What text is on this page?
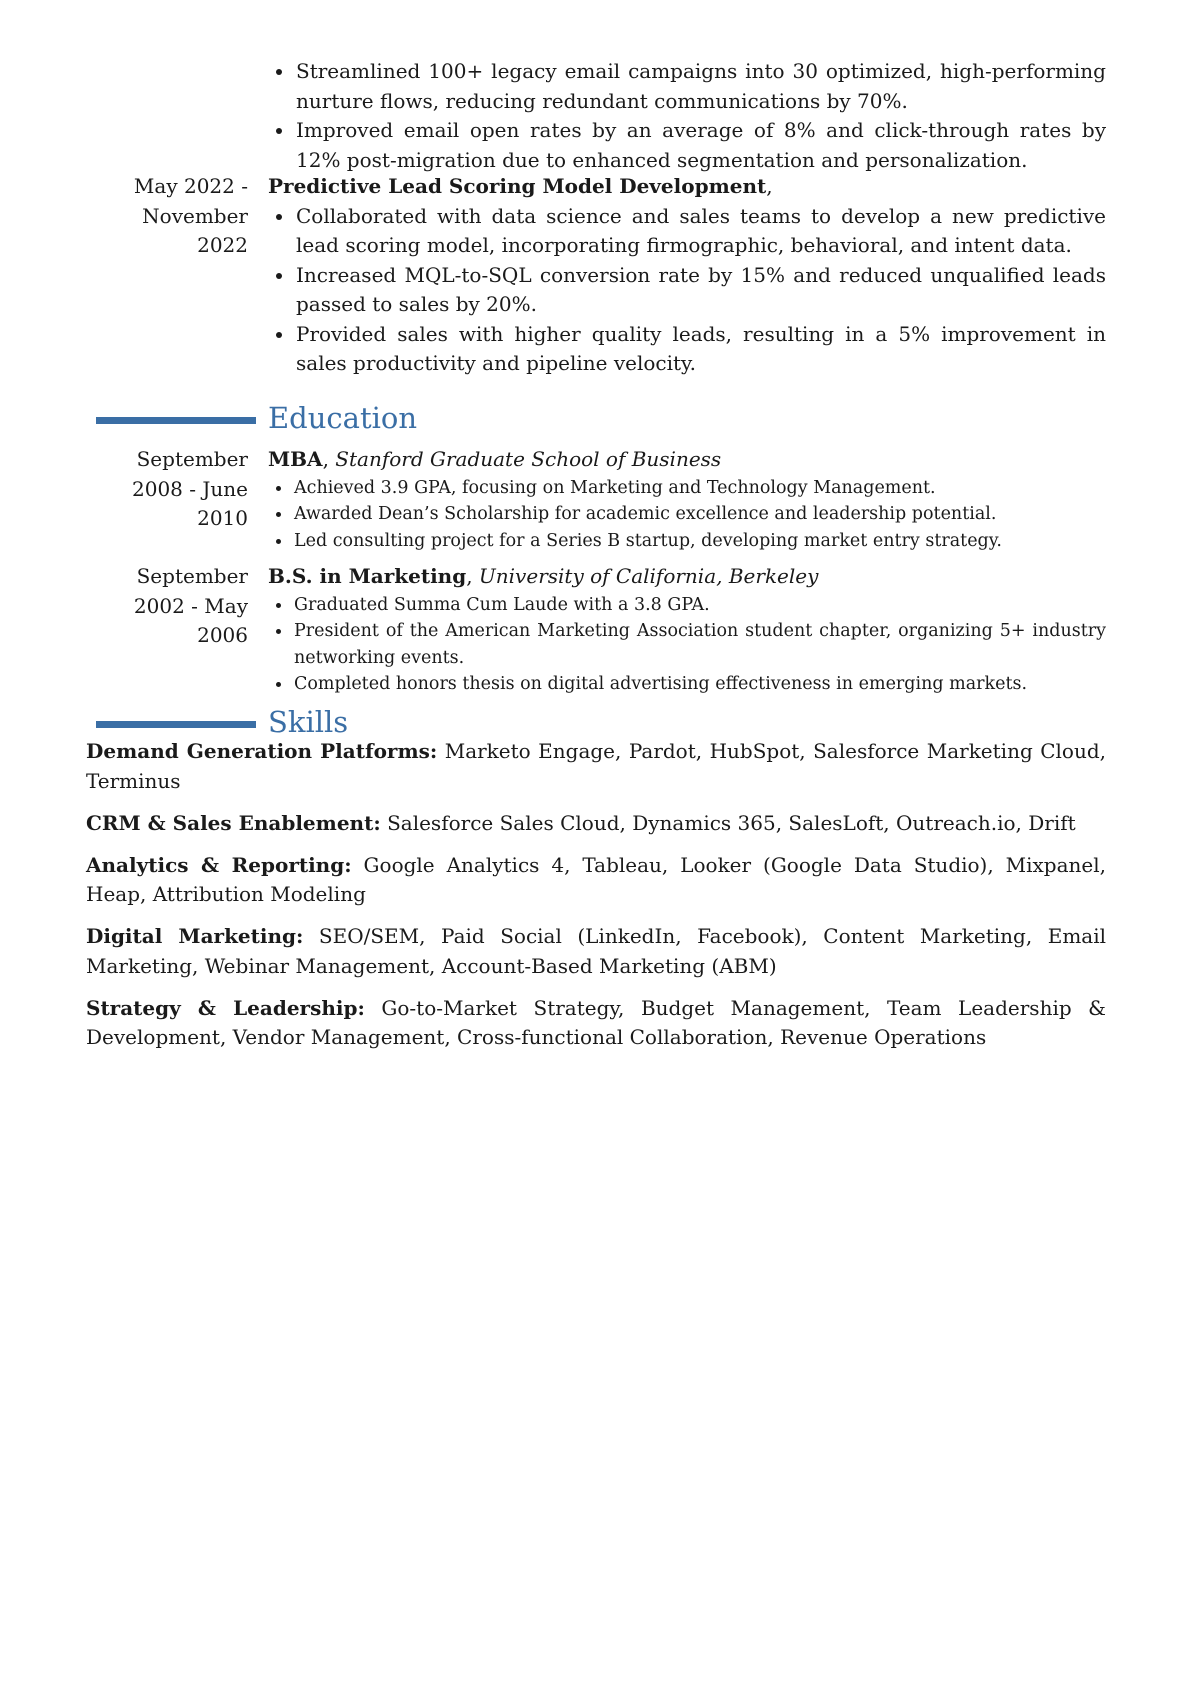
Streamlined 100+ legacy email campaigns into 30 optimized, high-performing nurture flows, reducing redundant communications by 70%.
Improved email open rates by an average of 8% and click-through rates by 12% post-migration due to enhanced segmentation and personalization.
May 2022 - November 2022
Predictive Lead Scoring Model Development,
Collaborated with data science and sales teams to develop a new predictive lead scoring model, incorporating firmographic, behavioral, and intent data.
Increased MQL-to-SQL conversion rate by 15% and reduced unqualified leads passed to sales by 20%.
Provided sales with higher quality leads, resulting in a 5% improvement in sales productivity and pipeline velocity.
Education
September 2008 - June 2010
MBA, Stanford Graduate School of Business
Achieved 3.9 GPA, focusing on Marketing and Technology Management.
Awarded Dean’s Scholarship for academic excellence and leadership potential.
Led consulting project for a Series B startup, developing market entry strategy.
September 2002 - May 2006
B.S. in Marketing, University of California, Berkeley
Graduated Summa Cum Laude with a 3.8 GPA.
President of the American Marketing Association student chapter, organizing 5+ industry networking events.
Completed honors thesis on digital advertising effectiveness in emerging markets.
Skills
Demand Generation Platforms: Marketo Engage, Pardot, HubSpot, Salesforce Marketing Cloud, Terminus
CRM & Sales Enablement: Salesforce Sales Cloud, Dynamics 365, SalesLoft, Outreach.io, Drift
Analytics & Reporting: Google Analytics 4, Tableau, Looker (Google Data Studio), Mixpanel, Heap, Attribution Modeling
Digital Marketing: SEO/SEM, Paid Social (LinkedIn, Facebook), Content Marketing, Email Marketing, Webinar Management, Account-Based Marketing (ABM)
Strategy & Leadership: Go-to-Market Strategy, Budget Management, Team Leadership & Development, Vendor Management, Cross-functional Collaboration, Revenue Operations
